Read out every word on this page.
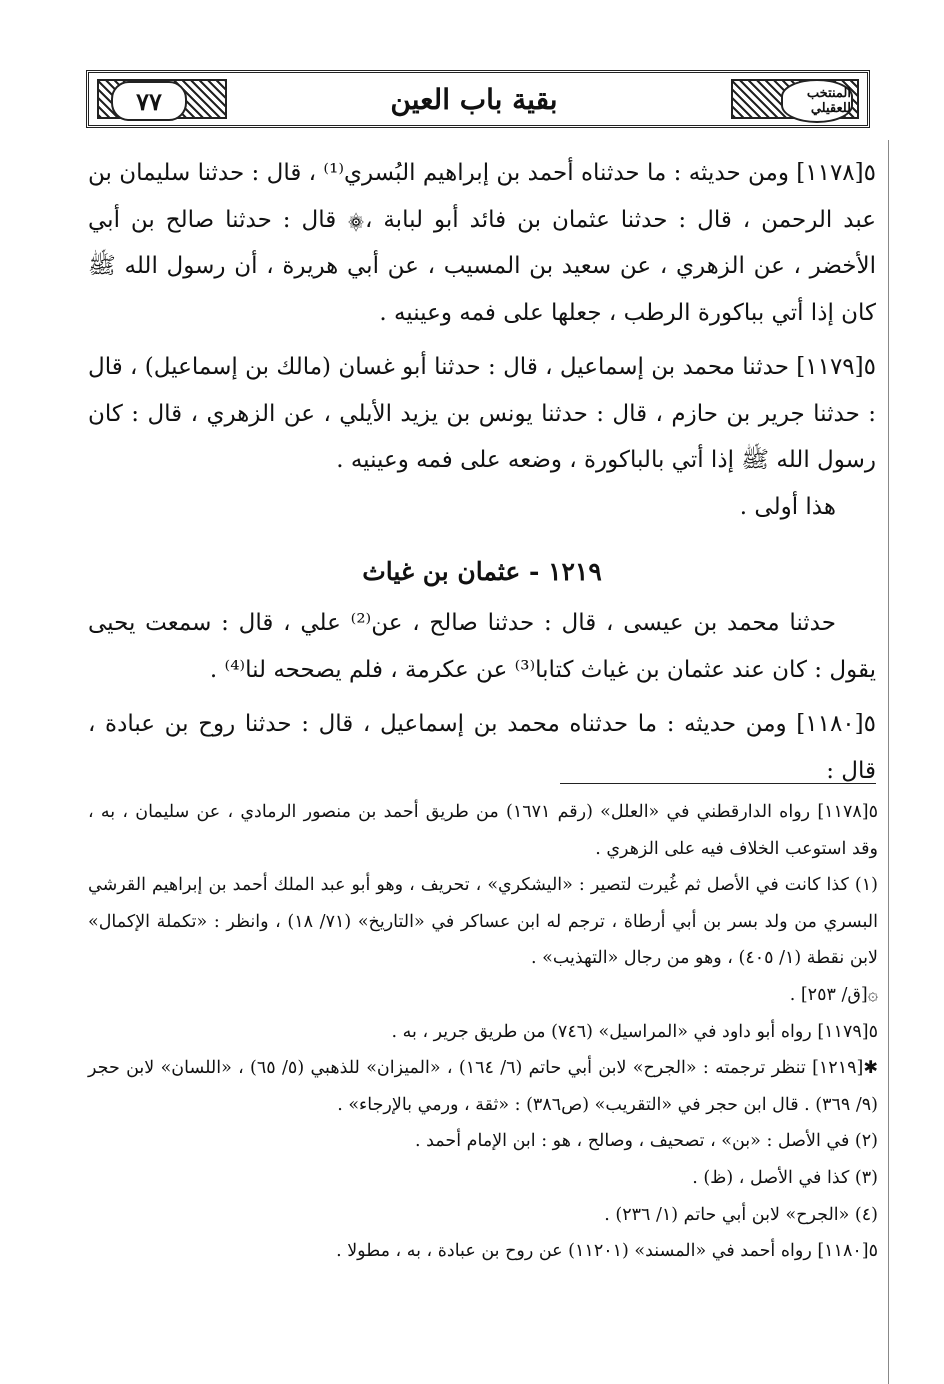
المنتخب للعقيلي
٧٧	بقية باب العين

٥[١١٧٨] ومن حديثه : ما حدثناه أحمد بن إبراهيم البُسري⁽¹⁾ ، قال : حدثنا سليمان بن عبد الرحمن ، قال : حدثنا عثمان بن فائد أبو لبابة ،۞ قال : حدثنا صالح بن أبي الأخضر ، عن الزهري ، عن سعيد بن المسيب ، عن أبي هريرة ، أن رسول الله ﷺ كان إذا أتي بباكورة الرطب ، جعلها على فمه وعينيه .

٥[١١٧٩] حدثنا محمد بن إسماعيل ، قال : حدثنا أبو غسان (مالك بن إسماعيل) ، قال : حدثنا جرير بن حازم ، قال : حدثنا يونس بن يزيد الأيلي ، عن الزهري ، قال : كان رسول الله ﷺ إذا أتي بالباكورة ، وضعه على فمه وعينيه .

هذا أولى .

١٢١٩ - عثمان بن غياث

حدثنا محمد بن عيسى ، قال : حدثنا صالح ، عن⁽²⁾ علي ، قال : سمعت يحيى يقول : كان عند عثمان بن غياث كتابا⁽³⁾ عن عكرمة ، فلم يصححه لنا⁽⁴⁾ .

٥[١١٨٠] ومن حديثه : ما حدثناه محمد بن إسماعيل ، قال : حدثنا روح بن عبادة ، قال :

٥[١١٧٨] رواه الدارقطني في «العلل» (رقم ١٦٧١) من طريق أحمد بن منصور الرمادي ، عن سليمان ، به ، وقد استوعب الخلاف فيه على الزهري .

(١) كذا كانت في الأصل ثم غُيرت لتصير : «اليشكري» ، تحريف ، وهو أبو عبد الملك أحمد بن إبراهيم القرشي البسري من ولد بسر بن أبي أرطاة ، ترجم له ابن عساكر في «التاريخ» (٧١/ ١٨) ، وانظر : «تكملة الإكمال» لابن نقطة (١/ ٤٠٥) ، وهو من رجال «التهذيب» .

۞[ق/ ٢٥٣] .

٥[١١٧٩] رواه أبو داود في «المراسيل» (٧٤٦) من طريق جرير ، به .

✱[١٢١٩] تنظر ترجمته : «الجرح» لابن أبي حاتم (٦/ ١٦٤) ، «الميزان» للذهبي (٥/ ٦٥) ، «اللسان» لابن حجر (٩/ ٣٦٩) . قال ابن حجر في «التقريب» (ص٣٨٦) : «ثقة ، ورمي بالإرجاء» .

(٢) في الأصل : «بن» ، تصحيف ، وصالح ، هو : ابن الإمام أحمد .

(٣) كذا في الأصل ، (ظ) .

(٤) «الجرح» لابن أبي حاتم (١/ ٢٣٦) .

٥[١١٨٠] رواه أحمد في «المسند» (١١٢٠١) عن روح بن عبادة ، به ، مطولا .
